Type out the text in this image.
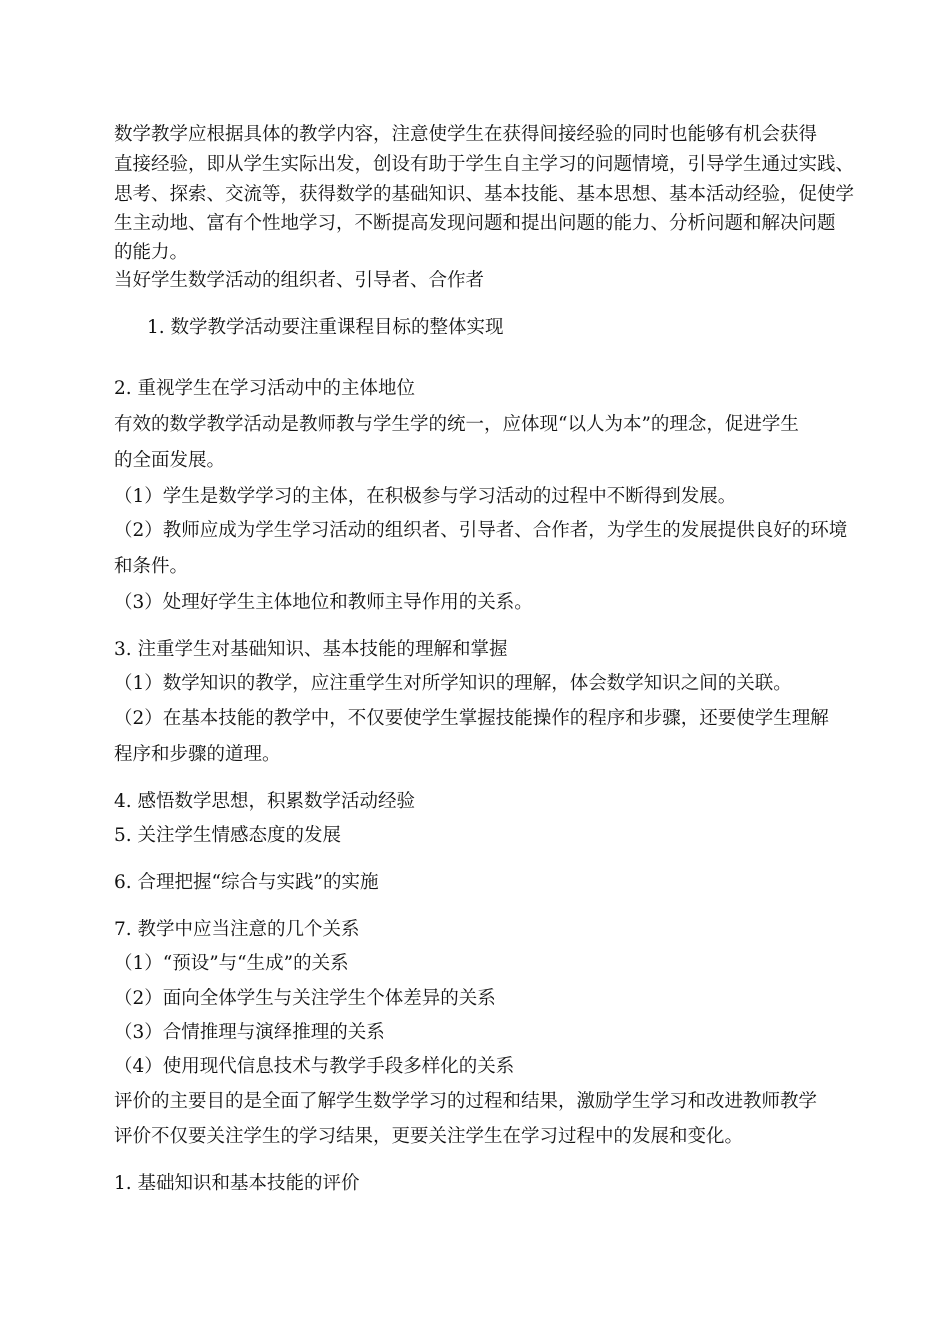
数学教学应根据具体的教学内容，注意使学生在获得间接经验的同时也能够有机会获得
直接经验，即从学生实际出发，创设有助于学生自主学习的问题情境，引导学生通过实践、
思考、探索、交流等，获得数学的基础知识、基本技能、基本思想、基本活动经验，促使学
生主动地、富有个性地学习，不断提高发现问题和提出问题的能力、分析问题和解决问题
的能力。
当好学生数学活动的组织者、引导者、合作者
1. 数学教学活动要注重课程目标的整体实现
2. 重视学生在学习活动中的主体地位
有效的数学教学活动是教师教与学生学的统一，应体现“以人为本”的理念，促进学生
的全面发展。
（1）学生是数学学习的主体，在积极参与学习活动的过程中不断得到发展。
（2）教师应成为学生学习活动的组织者、引导者、合作者，为学生的发展提供良好的环境
和条件。
（3）处理好学生主体地位和教师主导作用的关系。
3. 注重学生对基础知识、基本技能的理解和掌握
（1）数学知识的教学，应注重学生对所学知识的理解，体会数学知识之间的关联。
（2）在基本技能的教学中，不仅要使学生掌握技能操作的程序和步骤，还要使学生理解
程序和步骤的道理。
4. 感悟数学思想，积累数学活动经验
5. 关注学生情感态度的发展
6. 合理把握“综合与实践”的实施
7. 教学中应当注意的几个关系
（1）“预设”与“生成”的关系
（2）面向全体学生与关注学生个体差异的关系
（3）合情推理与演绎推理的关系
（4）使用现代信息技术与教学手段多样化的关系
评价的主要目的是全面了解学生数学学习的过程和结果，激励学生学习和改进教师教学
评价不仅要关注学生的学习结果，更要关注学生在学习过程中的发展和变化。
1. 基础知识和基本技能的评价
